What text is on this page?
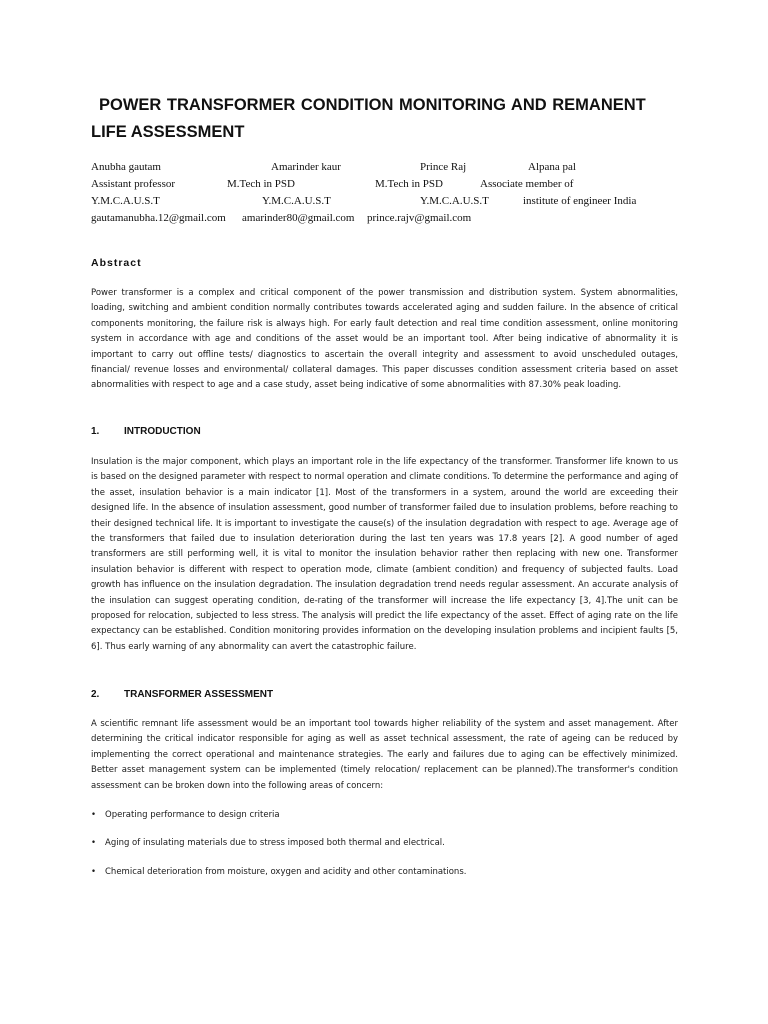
POWER TRANSFORMER CONDITION MONITORING AND REMANENT
LIFE ASSESSMENT
Anubha gautam	Amarinder kaur	Prince Raj	Alpana pal
Assistant professor	M.Tech in PSD	M.Tech in PSD	Associate member of
Y.M.C.A.U.S.T	Y.M.C.A.U.S.T	Y.M.C.A.U.S.T	institute of engineer India
gautamanubha.12@gmail.com amarinder80@gmail.com prince.rajv@gmail.com
Abstract

Power transformer is a complex and critical component of the power transmission and distribution system. System abnormalities, loading, switching and ambient condition normally contributes towards accelerated aging and sudden failure. In the absence of critical components monitoring, the failure risk is always high. For early fault detection and real time condition assessment, online monitoring system in accordance with age and conditions of the asset would be an important tool. After being indicative of abnormality it is important to carry out offline tests/ diagnostics to ascertain the overall integrity and assessment to avoid unscheduled outages, financial/ revenue losses and environmental/ collateral damages. This paper discusses condition assessment criteria based on asset abnormalities with respect to age and a case study, asset being indicative of some abnormalities with 87.30% peak loading.

1. INTRODUCTION

Insulation is the major component, which plays an important role in the life expectancy of the transformer. Transformer life known to us is based on the designed parameter with respect to normal operation and climate conditions. To determine the performance and aging of the asset, insulation behavior is a main indicator [1]. Most of the transformers in a system, around the world are exceeding their designed life. In the absence of insulation assessment, good number of transformer failed due to insulation problems, before reaching to their designed technical life. It is important to investigate the cause(s) of the insulation degradation with respect to age. Average age of the transformers that failed due to insulation deterioration during the last ten years was 17.8 years [2]. A good number of aged transformers are still performing well, it is vital to monitor the insulation behavior rather then replacing with new one. Transformer insulation behavior is different with respect to operation mode, climate (ambient condition) and frequency of subjected faults. Load growth has influence on the insulation degradation. The insulation degradation trend needs regular assessment. An accurate analysis of the insulation can suggest operating condition, de-rating of the transformer will increase the life expectancy [3, 4].The unit can be proposed for relocation, subjected to less stress. The analysis will predict the life expectancy of the asset. Effect of aging rate on the life expectancy can be established. Condition monitoring provides information on the developing insulation problems and incipient faults [5, 6]. Thus early warning of any abnormality can avert the catastrophic failure.

2. TRANSFORMER ASSESSMENT

A scientific remnant life assessment would be an important tool towards higher reliability of the system and asset management. After determining the critical indicator responsible for aging as well as asset technical assessment, the rate of ageing can be reduced by implementing the correct operational and maintenance strategies. The early and failures due to aging can be effectively minimized. Better asset management system can be implemented (timely relocation/ replacement can be planned).The transformer's condition assessment can be broken down into the following areas of concern:

• Operating performance to design criteria

• Aging of insulating materials due to stress imposed both thermal and electrical.

• Chemical deterioration from moisture, oxygen and acidity and other contaminations.
